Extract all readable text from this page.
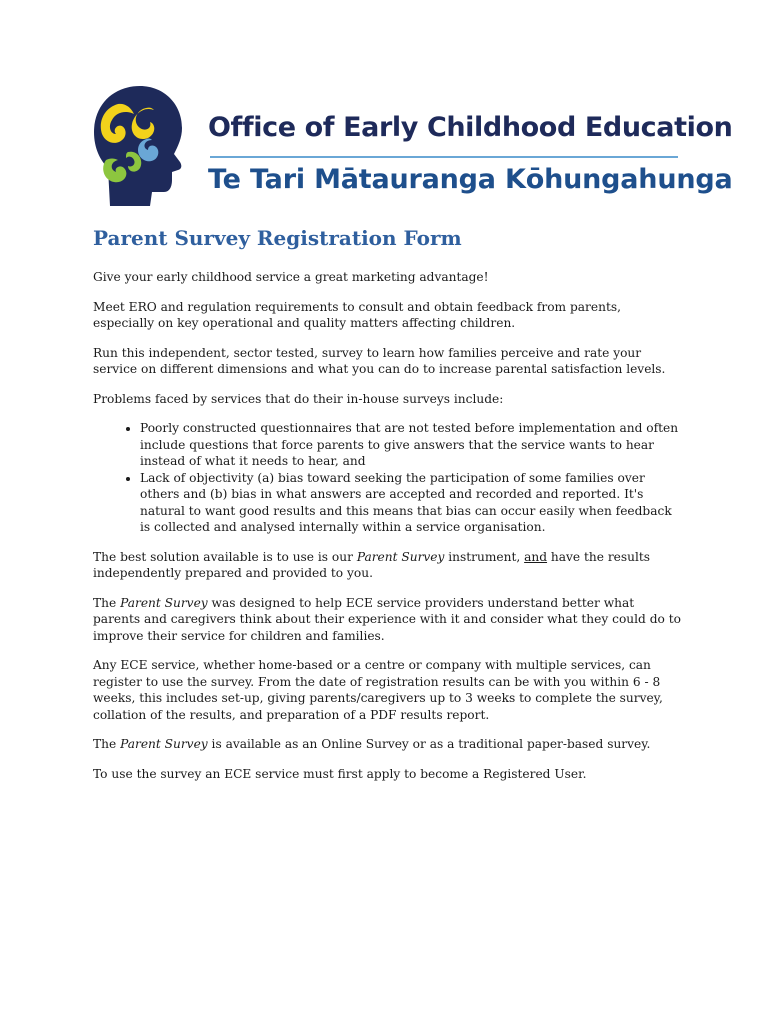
Office of Early Childhood Education
Te Tari Mātauranga Kōhungahunga
Parent Survey Registration Form

Give your early childhood service a great marketing advantage!

Meet ERO and regulation requirements to consult and obtain feedback from parents, especially on key operational and quality matters affecting children.

Run this independent, sector tested, survey to learn how families perceive and rate your service on different dimensions and what you can do to increase parental satisfaction levels.

Problems faced by services that do their in-house surveys include:

• Poorly constructed questionnaires that are not tested before implementation and often include questions that force parents to give answers that the service wants to hear instead of what it needs to hear, and
• Lack of objectivity (a) bias toward seeking the participation of some families over others and (b) bias in what answers are accepted and recorded and reported. It's natural to want good results and this means that bias can occur easily when feedback is collected and analysed internally within a service organisation.

The best solution available is to use is our Parent Survey instrument, and have the results independently prepared and provided to you.

The Parent Survey was designed to help ECE service providers understand better what parents and caregivers think about their experience with it and consider what they could do to improve their service for children and families.

Any ECE service, whether home-based or a centre or company with multiple services, can register to use the survey. From the date of registration results can be with you within 6 - 8 weeks, this includes set-up, giving parents/caregivers up to 3 weeks to complete the survey, collation of the results, and preparation of a PDF results report.

The Parent Survey is available as an Online Survey or as a traditional paper-based survey.

To use the survey an ECE service must first apply to become a Registered User.
